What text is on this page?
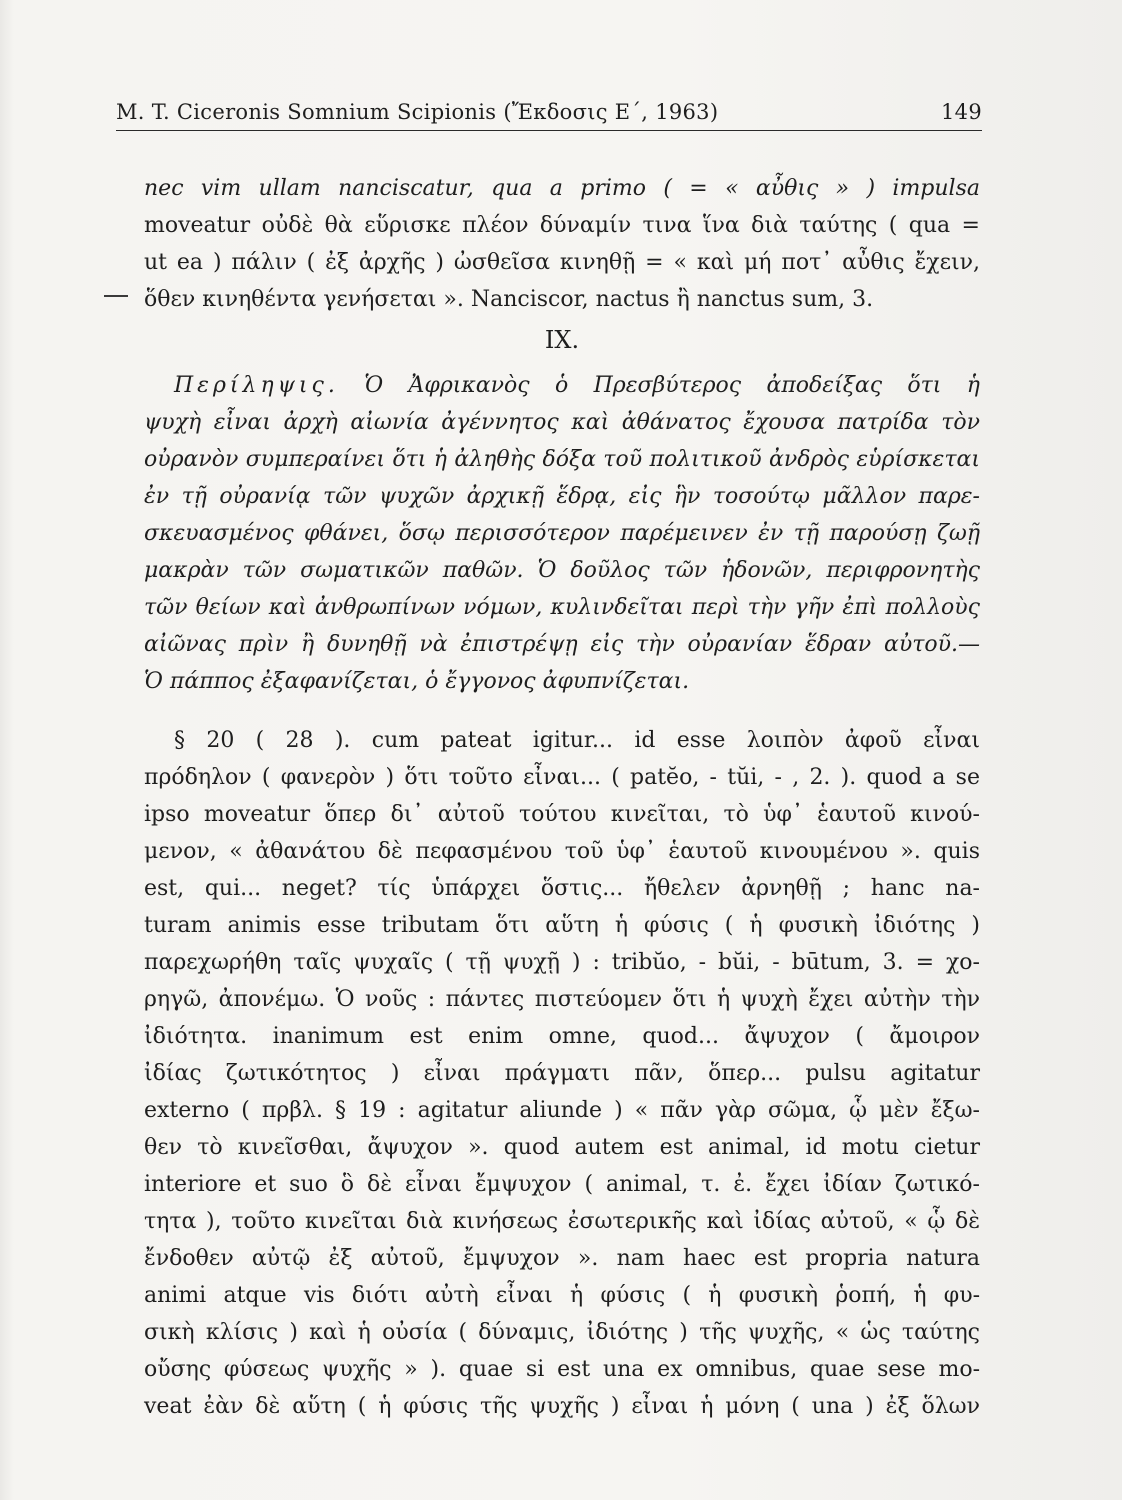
M. T. Ciceronis Somnium Scipionis (Ἔκδοσις Ε΄, 1963)	149
nec vim ullam nanciscatur, qua a primo ( = « αὖθις » ) impulsa
moveatur οὐδὲ θὰ εὕρισκε πλέον δύναμίν τινα ἵνα διὰ ταύτης ( qua =
ut ea ) πάλιν ( ἐξ ἀρχῆς ) ὠσθεῖσα κινηθῇ = « καὶ μή ποτ᾽ αὖθις ἔχειν,
ὅθεν κινηθέντα γενήσεται ». Nanciscor, nactus ἢ nanctus sum, 3.
IX.
Περίληψις. Ὁ Ἀφρικανὸς ὁ Πρεσβύτερος ἀποδείξας ὅτι ἡ
ψυχὴ εἶναι ἀρχὴ αἰωνία ἀγέννητος καὶ ἀθάνατος ἔχουσα πατρίδα τὸν
οὐρανὸν συμπεραίνει ὅτι ἡ ἀληθὴς δόξα τοῦ πολιτικοῦ ἀνδρὸς εὑρίσκεται
ἐν τῇ οὐρανίᾳ τῶν ψυχῶν ἀρχικῇ ἕδρᾳ, εἰς ἣν τοσούτῳ μᾶλλον παρε-
σκευασμένος φθάνει, ὅσῳ περισσότερον παρέμεινεν ἐν τῇ παρούσῃ ζωῇ
μακρὰν τῶν σωματικῶν παθῶν. Ὁ δοῦλος τῶν ἡδονῶν, περιφρονητὴς
τῶν θείων καὶ ἀνθρωπίνων νόμων, κυλινδεῖται περὶ τὴν γῆν ἐπὶ πολλοὺς
αἰῶνας πρὶν ἢ δυνηθῇ νὰ ἐπιστρέψῃ εἰς τὴν οὐρανίαν ἕδραν αὐτοῦ.—
Ὁ πάππος ἐξαφανίζεται, ὁ ἔγγονος ἀφυπνίζεται.
§ 20 ( 28 ). cum pateat igitur... id esse λοιπὸν ἀφοῦ εἶναι
πρόδηλον ( φανερὸν ) ὅτι τοῦτο εἶναι... ( patĕo, - tŭi, - , 2. ). quod a se
ipso moveatur ὅπερ δι᾽ αὐτοῦ τούτου κινεῖται, τὸ ὑφ᾽ ἑαυτοῦ κινού-
μενον, « ἀθανάτου δὲ πεφασμένου τοῦ ὑφ᾽ ἑαυτοῦ κινουμένου ». quis
est, qui... neget? τίς ὑπάρχει ὅστις... ἤθελεν ἀρνηθῇ ; hanc na-
turam animis esse tributam ὅτι αὕτη ἡ φύσις ( ἡ φυσικὴ ἰδιότης )
παρεχωρήθη ταῖς ψυχαῖς ( τῇ ψυχῇ ) : tribŭo, - bŭi, - būtum, 3. = χο-
ρηγῶ, ἀπονέμω. Ὁ νοῦς : πάντες πιστεύομεν ὅτι ἡ ψυχὴ ἔχει αὐτὴν τὴν
ἰδιότητα. inanimum est enim omne, quod... ἄψυχον ( ἄμοιρον
ἰδίας ζωτικότητος ) εἶναι πράγματι πᾶν, ὅπερ... pulsu agitatur
externo ( πρβλ. § 19 : agitatur aliunde ) « πᾶν γὰρ σῶμα, ᾧ μὲν ἔξω-
θεν τὸ κινεῖσθαι, ἄψυχον ». quod autem est animal, id motu cietur
interiore et suo ὃ δὲ εἶναι ἔμψυχον ( animal, τ. ἐ. ἔχει ἰδίαν ζωτικό-
τητα ), τοῦτο κινεῖται διὰ κινήσεως ἐσωτερικῆς καὶ ἰδίας αὐτοῦ, « ᾧ δὲ
ἔνδοθεν αὐτῷ ἐξ αὐτοῦ, ἔμψυχον ». nam haec est propria natura
animi atque vis διότι αὐτὴ εἶναι ἡ φύσις ( ἡ φυσικὴ ῥοπή, ἡ φυ-
σικὴ κλίσις ) καὶ ἡ οὐσία ( δύναμις, ἰδιότης ) τῆς ψυχῆς, « ὡς ταύτης
οὔσης φύσεως ψυχῆς » ). quae si est una ex omnibus, quae sese mo-
veat ἐὰν δὲ αὕτη ( ἡ φύσις τῆς ψυχῆς ) εἶναι ἡ μόνη ( una ) ἐξ ὅλων
